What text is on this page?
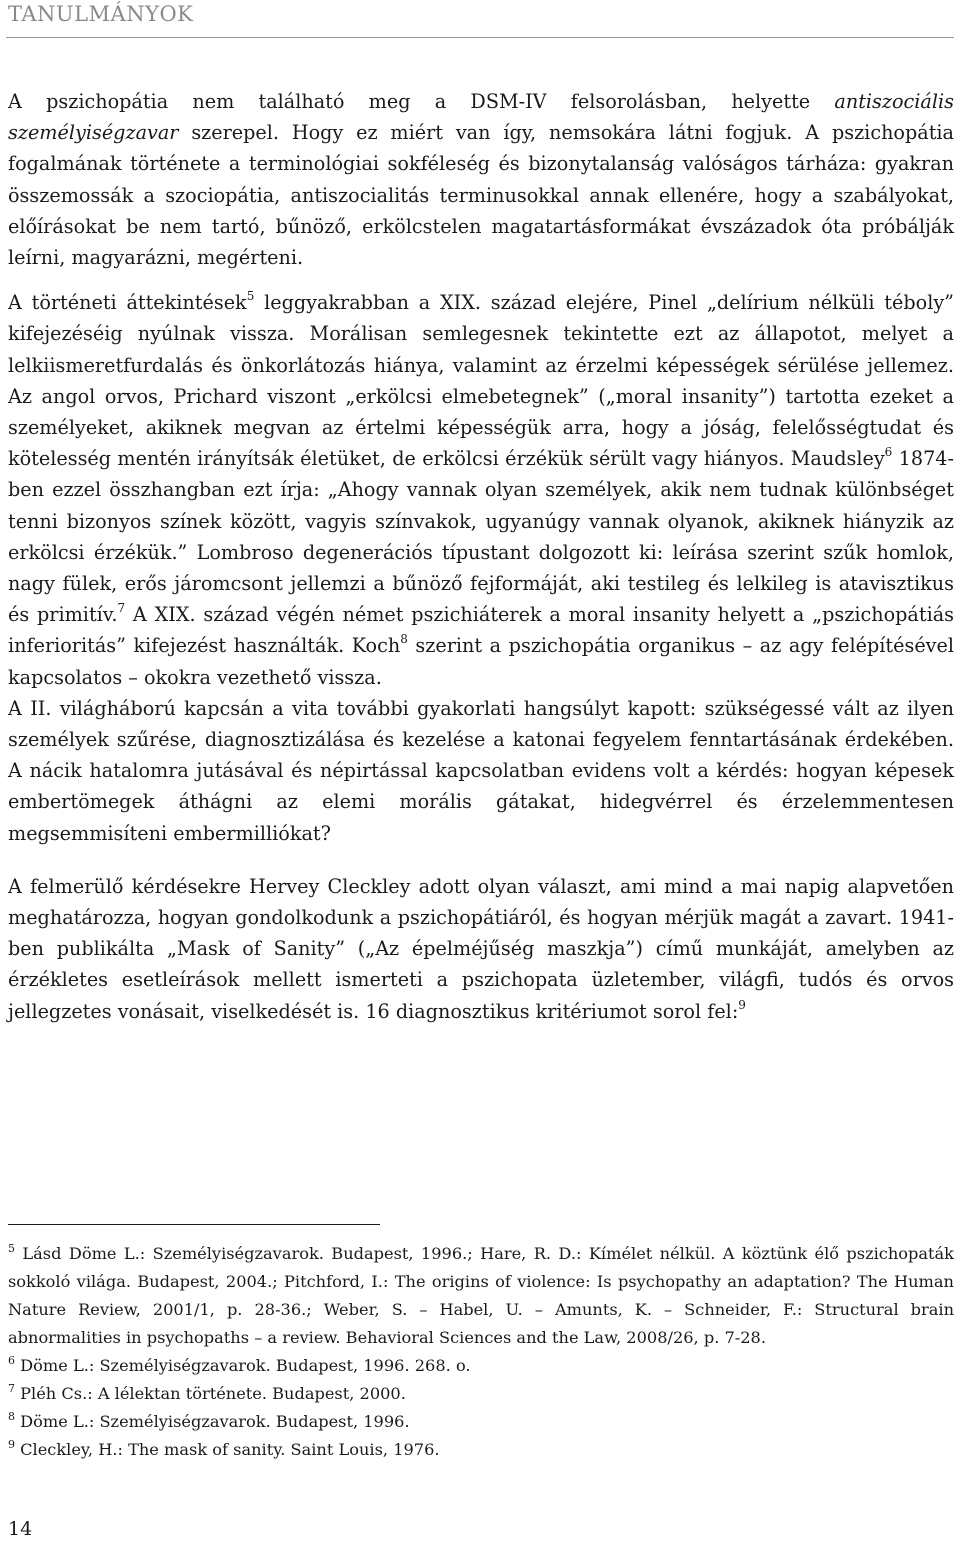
TANULMÁNYOK

A pszichopátia nem található meg a DSM-IV felsorolásban, helyette antiszociális személyiségzavar szerepel. Hogy ez miért van így, nemsokára látni fogjuk. A pszichopátia fogalmának története a terminológiai sokféleség és bizonytalanság valóságos tárháza: gyakran összemossák a szociopátia, antiszocialitás terminusokkal annak ellenére, hogy a szabályokat, előírásokat be nem tartó, bűnöző, erkölcstelen magatartásformákat évszázadok óta próbálják leírni, magyarázni, megérteni.

A történeti áttekintések$^5$ leggyakrabban a XIX. század elejére, Pinel „delírium nélküli téboly” kifejezéséig nyúlnak vissza. Morálisan semlegesnek tekintette ezt az állapotot, melyet a lelkiismeretfurdalás és önkorlátozás hiánya, valamint az érzelmi képességek sérülése jellemez. Az angol orvos, Prichard viszont „erkölcsi elmebetegnek” („moral insanity”) tartotta ezeket a személyeket, akiknek megvan az értelmi képességük arra, hogy a jóság, felelősségtudat és kötelesség mentén irányítsák életüket, de erkölcsi érzékük sérült vagy hiányos. Maudsley$^6$ 1874-ben ezzel összhangban ezt írja: „Ahogy vannak olyan személyek, akik nem tudnak különbséget tenni bizonyos színek között, vagyis színvakok, ugyanúgy vannak olyanok, akiknek hiányzik az erkölcsi érzékük.” Lombroso degenerációs típustant dolgozott ki: leírása szerint szűk homlok, nagy fülek, erős járomcsont jellemzi a bűnöző fejformáját, aki testileg és lelkileg is atavisztikus és primitív.$^7$ A XIX. század végén német pszichiáterek a moral insanity helyett a „pszichopátiás inferioritás” kifejezést használták. Koch$^8$ szerint a pszichopátia organikus – az agy felépítésével kapcsolatos – okokra vezethető vissza.

A II. világháború kapcsán a vita további gyakorlati hangsúlyt kapott: szükségessé vált az ilyen személyek szűrése, diagnosztizálása és kezelése a katonai fegyelem fenntartásának érdekében. A nácik hatalomra jutásával és népirtással kapcsolatban evidens volt a kérdés: hogyan képesek embertömegek áthágni az elemi morális gátakat, hidegvérrel és érzelemmentesen megsemmisíteni embermilliókat?

A felmerülő kérdésekre Hervey Cleckley adott olyan választ, ami mind a mai napig alapvetően meghatározza, hogyan gondolkodunk a pszichopátiáról, és hogyan mérjük magát a zavart. 1941-ben publikálta „Mask of Sanity” („Az épelméjűség maszkja”) című munkáját, amelyben az érzékletes esetleírások mellett ismerteti a pszichopata üzletember, világfi, tudós és orvos jellegzetes vonásait, viselkedését is. 16 diagnosztikus kritériumot sorol fel:$^9$

$^5$ Lásd Döme L.: Személyiségzavarok. Budapest, 1996.; Hare, R. D.: Kímélet nélkül. A köztünk élő pszichopaták sokkoló világa. Budapest, 2004.; Pitchford, I.: The origins of violence: Is psychopathy an adaptation? The Human Nature Review, 2001/1, p. 28-36.; Weber, S. – Habel, U. – Amunts, K. – Schneider, F.: Structural brain abnormalities in psychopaths – a review. Behavioral Sciences and the Law, 2008/26, p. 7-28.

$^6$ Döme L.: Személyiségzavarok. Budapest, 1996. 268. o.

$^7$ Pléh Cs.: A lélektan története. Budapest, 2000.

$^8$ Döme L.: Személyiségzavarok. Budapest, 1996.

$^9$ Cleckley, H.: The mask of sanity. Saint Louis, 1976.

14
